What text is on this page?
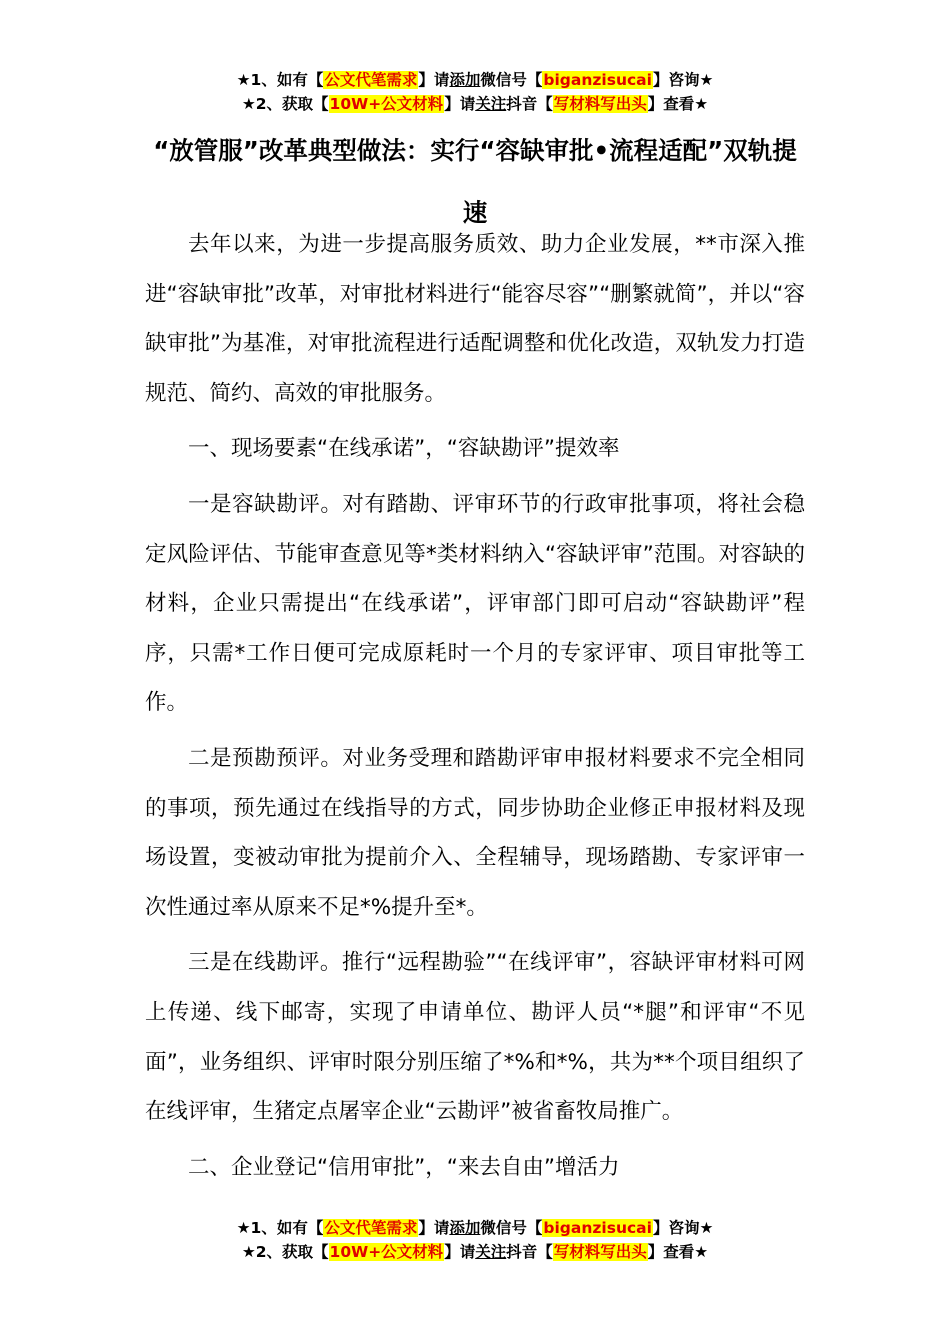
★1、如有【公文代笔需求】请添加微信号【biganzisucai】咨询★
★2、获取【10W+公文材料】请关注抖音【写材料写出头】查看★
“放管服”改革典型做法：实行“容缺审批•流程适配”双轨提速

去年以来，为进一步提高服务质效、助力企业发展，**市深入推进“容缺审批”改革，对审批材料进行“能容尽容”“删繁就简”，并以“容缺审批”为基准，对审批流程进行适配调整和优化改造，双轨发力打造规范、简约、高效的审批服务。

一、现场要素“在线承诺”，“容缺勘评”提效率

一是容缺勘评。对有踏勘、评审环节的行政审批事项，将社会稳定风险评估、节能审查意见等*类材料纳入“容缺评审”范围。对容缺的材料，企业只需提出“在线承诺”，评审部门即可启动“容缺勘评”程序，只需*工作日便可完成原耗时一个月的专家评审、项目审批等工作。

二是预勘预评。对业务受理和踏勘评审申报材料要求不完全相同的事项，预先通过在线指导的方式，同步协助企业修正申报材料及现场设置，变被动审批为提前介入、全程辅导，现场踏勘、专家评审一次性通过率从原来不足*%提升至*。

三是在线勘评。推行“远程勘验”“在线评审”，容缺评审材料可网上传递、线下邮寄，实现了申请单位、勘评人员“*腿”和评审“不见面”，业务组织、评审时限分别压缩了*%和*%，共为**个项目组织了在线评审，生猪定点屠宰企业“云勘评”被省畜牧局推广。

二、企业登记“信用审批”，“来去自由”增活力

★1、如有【公文代笔需求】请添加微信号【biganzisucai】咨询★
★2、获取【10W+公文材料】请关注抖音【写材料写出头】查看★
